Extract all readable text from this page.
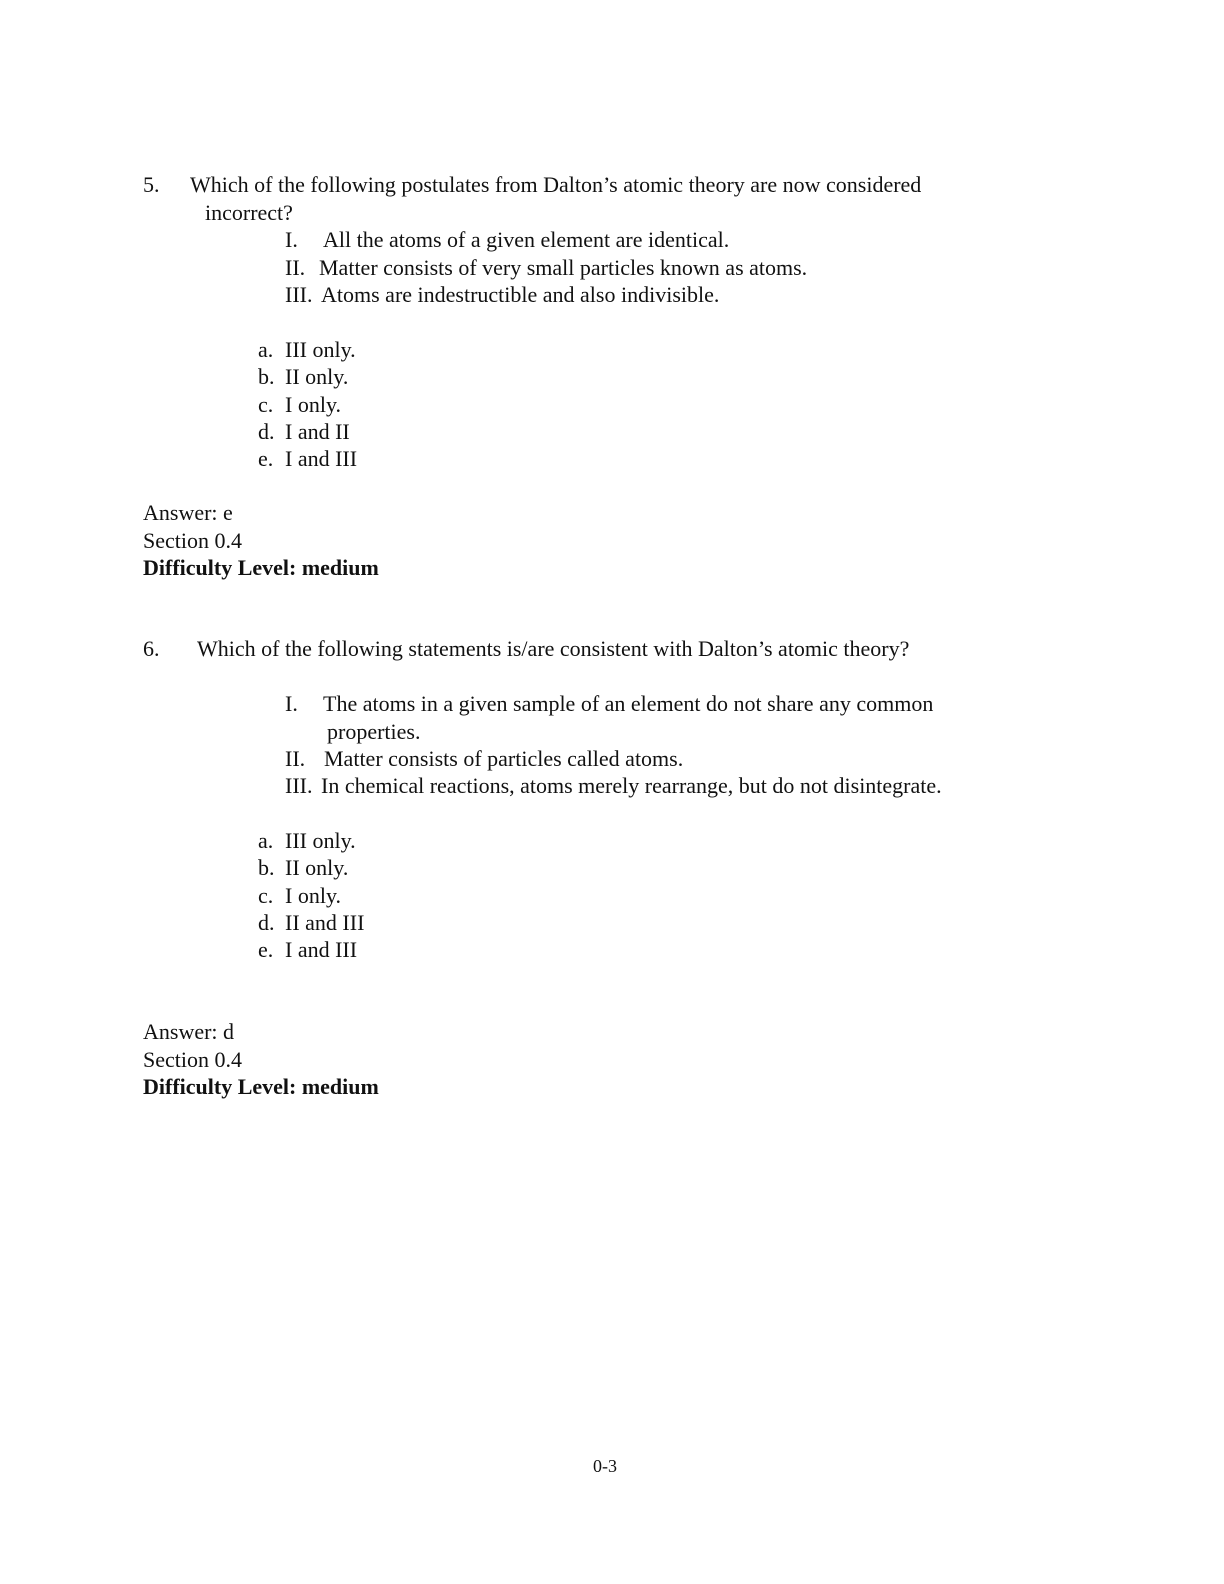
5. Which of the following postulates from Dalton’s atomic theory are now considered
incorrect?
I. All the atoms of a given element are identical.
II. Matter consists of very small particles known as atoms.
III. Atoms are indestructible and also indivisible.
a. III only.
b. II only.
c. I only.
d. I and II
e. I and III
Answer: e
Section 0.4
Difficulty Level: medium
6. Which of the following statements is/are consistent with Dalton’s atomic theory?
I. The atoms in a given sample of an element do not share any common
properties.
II. Matter consists of particles called atoms.
III. In chemical reactions, atoms merely rearrange, but do not disintegrate.
a. III only.
b. II only.
c. I only.
d. II and III
e. I and III
Answer: d
Section 0.4
Difficulty Level: medium
0-3
